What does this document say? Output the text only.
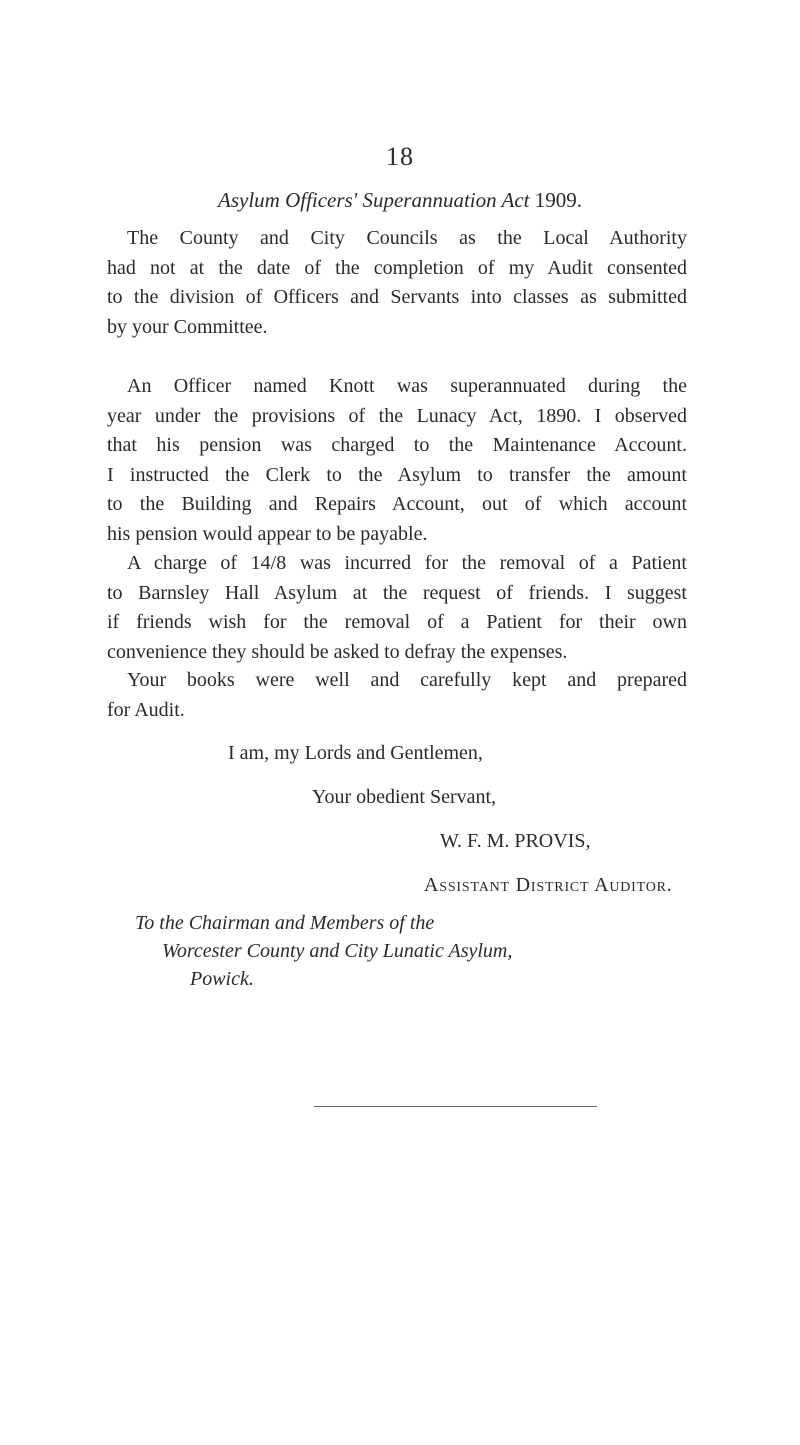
18
Asylum Officers' Superannuation Act 1909.
The County and City Councils as the Local Authority
had not at the date of the completion of my Audit consented
to the division of Officers and Servants into classes as submitted
by your Committee.
An Officer named Knott was superannuated during the
year under the provisions of the Lunacy Act, 1890. I observed
that his pension was charged to the Maintenance Account.
I instructed the Clerk to the Asylum to transfer the amount
to the Building and Repairs Account, out of which account
his pension would appear to be payable.
A charge of 14/8 was incurred for the removal of a Patient
to Barnsley Hall Asylum at the request of friends. I suggest
if friends wish for the removal of a Patient for their own
convenience they should be asked to defray the expenses.
Your books were well and carefully kept and prepared
for Audit.
I am, my Lords and Gentlemen,
Your obedient Servant,
W. F. M. PROVIS,
Assistant District Auditor.
To the Chairman and Members of the
Worcester County and City Lunatic Asylum,
Powick.
